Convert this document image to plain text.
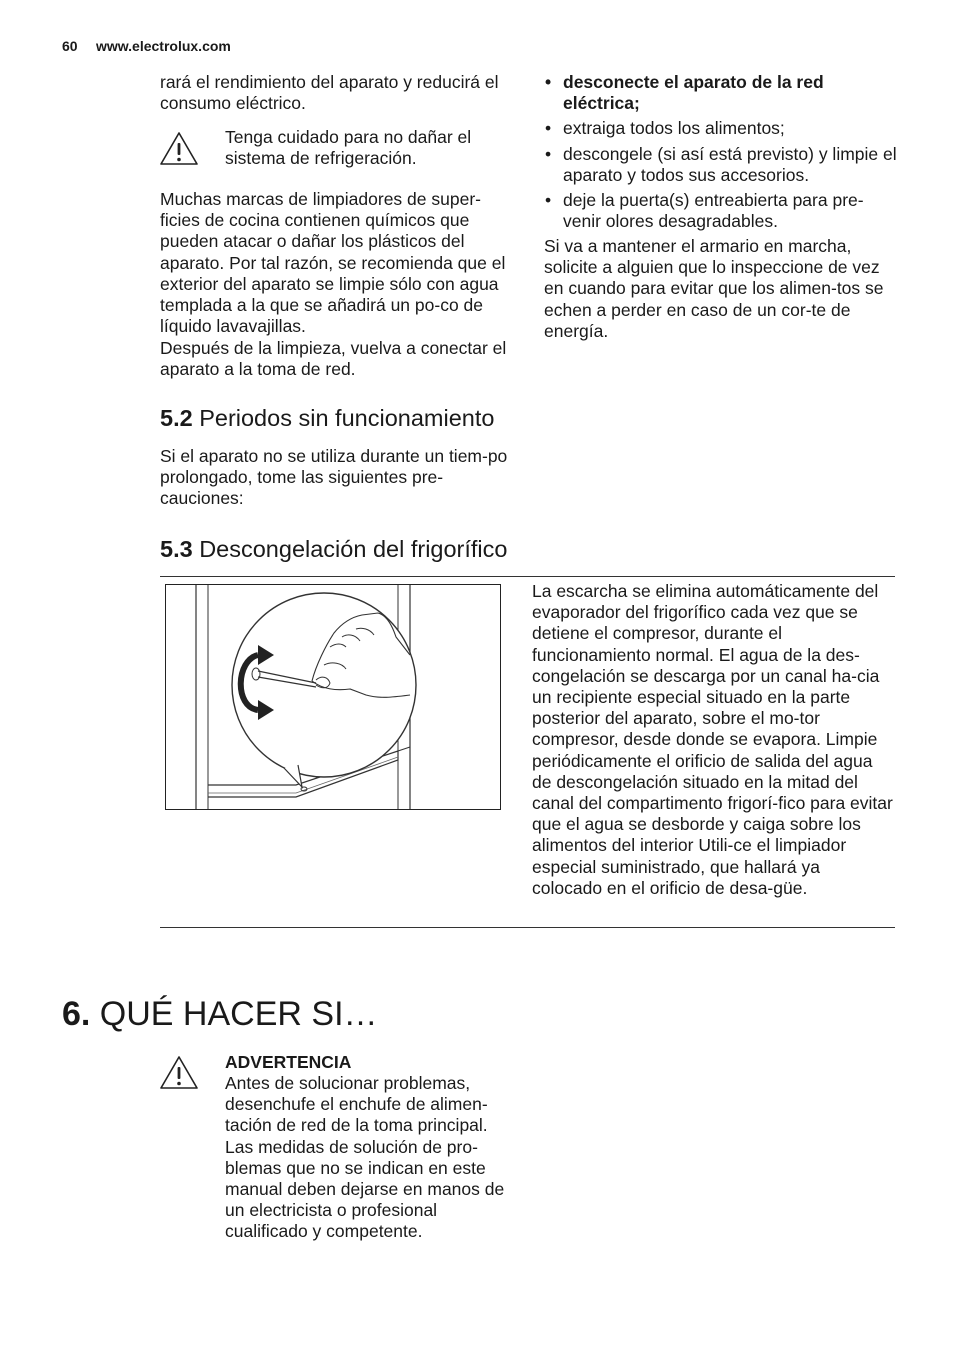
60 www.electrolux.com

rará el rendimiento del aparato y reducirá el consumo eléctrico.

Tenga cuidado para no dañar el sistema de refrigeración.

Muchas marcas de limpiadores de super-ficies de cocina contienen químicos que pueden atacar o dañar los plásticos del aparato. Por tal razón, se recomienda que el exterior del aparato se limpie sólo con agua templada a la que se añadirá un po-co de líquido lavavajillas.

Después de la limpieza, vuelva a conectar el aparato a la toma de red.

5.2 Periodos sin funcionamiento

Si el aparato no se utiliza durante un tiem-po prolongado, tome las siguientes pre-cauciones:

• desconecte el aparato de la red eléctrica;
• extraiga todos los alimentos;
• descongele (si así está previsto) y limpie el aparato y todos sus accesorios.
• deje la puerta(s) entreabierta para pre-venir olores desagradables.

Si va a mantener el armario en marcha, solicite a alguien que lo inspeccione de vez en cuando para evitar que los alimen-tos se echen a perder en caso de un cor-te de energía.

5.3 Descongelación del frigorífico

La escarcha se elimina automáticamente del evaporador del frigorífico cada vez que se detiene el compresor, durante el funcionamiento normal. El agua de la des-congelación se descarga por un canal ha-cia un recipiente especial situado en la parte posterior del aparato, sobre el mo-tor compresor, desde donde se evapora. Limpie periódicamente el orificio de salida del agua de descongelación situado en la mitad del canal del compartimento frigorí-fico para evitar que el agua se desborde y caiga sobre los alimentos del interior Utili-ce el limpiador especial suministrado, que hallará ya colocado en el orificio de desa-güe.

6. QUÉ HACER SI…
ADVERTENCIA
Antes de solucionar problemas, desenchufe el enchufe de alimen-tación de red de la toma principal. Las medidas de solución de pro-blemas que no se indican en este manual deben dejarse en manos de un electricista o profesional cualificado y competente.
